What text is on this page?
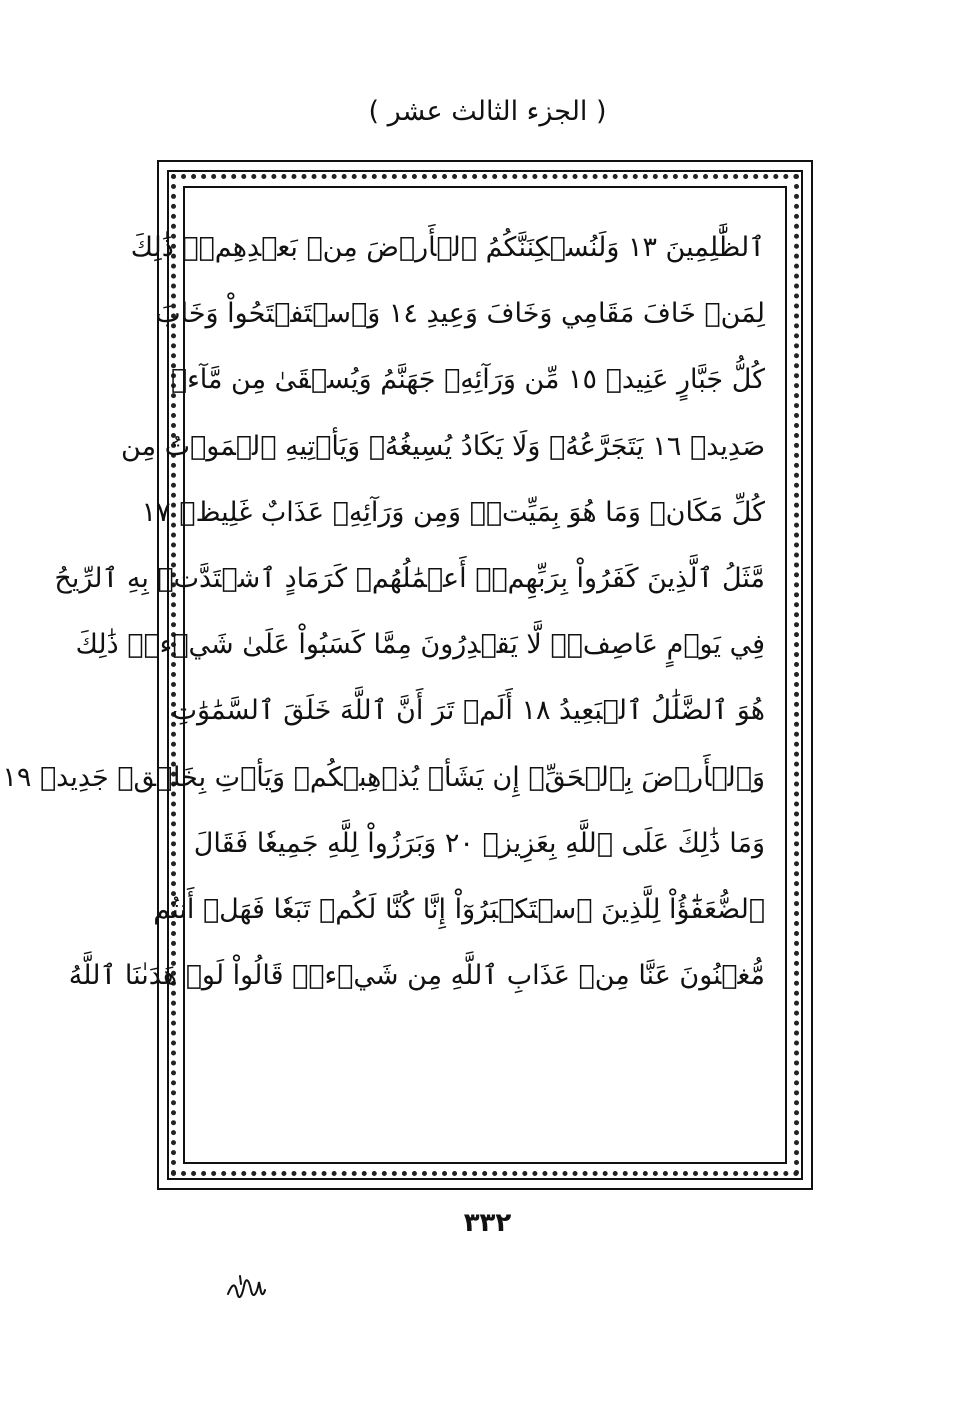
( الجزء الثالث عشر )
ٱلظَّٰلِمِينَ ١٣ وَلَنُسۡكِنَنَّكُمُ ٱلۡأَرۡضَ مِنۢ بَعۡدِهِمۡۚ ذَٰلِكَ
لِمَنۡ خَافَ مَقَامِي وَخَافَ وَعِيدِ ١٤ وَٱسۡتَفۡتَحُواْ وَخَابَ
كُلُّ جَبَّارٍ عَنِيدٖ ١٥ مِّن وَرَآئِهِۦ جَهَنَّمُ وَيُسۡقَىٰ مِن مَّآءٖ
صَدِيدٖ ١٦ يَتَجَرَّعُهُۥ وَلَا يَكَادُ يُسِيغُهُۥ وَيَأۡتِيهِ ٱلۡمَوۡتُ مِن
كُلِّ مَكَانٖ وَمَا هُوَ بِمَيِّتٖۖ وَمِن وَرَآئِهِۦ عَذَابٌ غَلِيظٞ ١٧
مَّثَلُ ٱلَّذِينَ كَفَرُواْ بِرَبِّهِمۡۖ أَعۡمَٰلُهُمۡ كَرَمَادٍ ٱشۡتَدَّتۡ بِهِ ٱلرِّيحُ
فِي يَوۡمٍ عَاصِفٖۖ لَّا يَقۡدِرُونَ مِمَّا كَسَبُواْ عَلَىٰ شَيۡءٖۚ ذَٰلِكَ
هُوَ ٱلضَّلَٰلُ ٱلۡبَعِيدُ ١٨ أَلَمۡ تَرَ أَنَّ ٱللَّهَ خَلَقَ ٱلسَّمَٰوَٰتِ
وَٱلۡأَرۡضَ بِٱلۡحَقِّۚ إِن يَشَأۡ يُذۡهِبۡكُمۡ وَيَأۡتِ بِخَلۡقٖ جَدِيدٖ ١٩
وَمَا ذَٰلِكَ عَلَى ٱللَّهِ بِعَزِيزٖ ٢٠ وَبَرَزُواْ لِلَّهِ جَمِيعٗا فَقَالَ
ٱلضُّعَفَٰٓؤُاْ لِلَّذِينَ ٱسۡتَكۡبَرُوٓاْ إِنَّا كُنَّا لَكُمۡ تَبَعٗا فَهَلۡ أَنتُم
مُّغۡنُونَ عَنَّا مِنۡ عَذَابِ ٱللَّهِ مِن شَيۡءٖۚ قَالُواْ لَوۡ هَدَىٰنَا ٱللَّهُ
٣٣٢
